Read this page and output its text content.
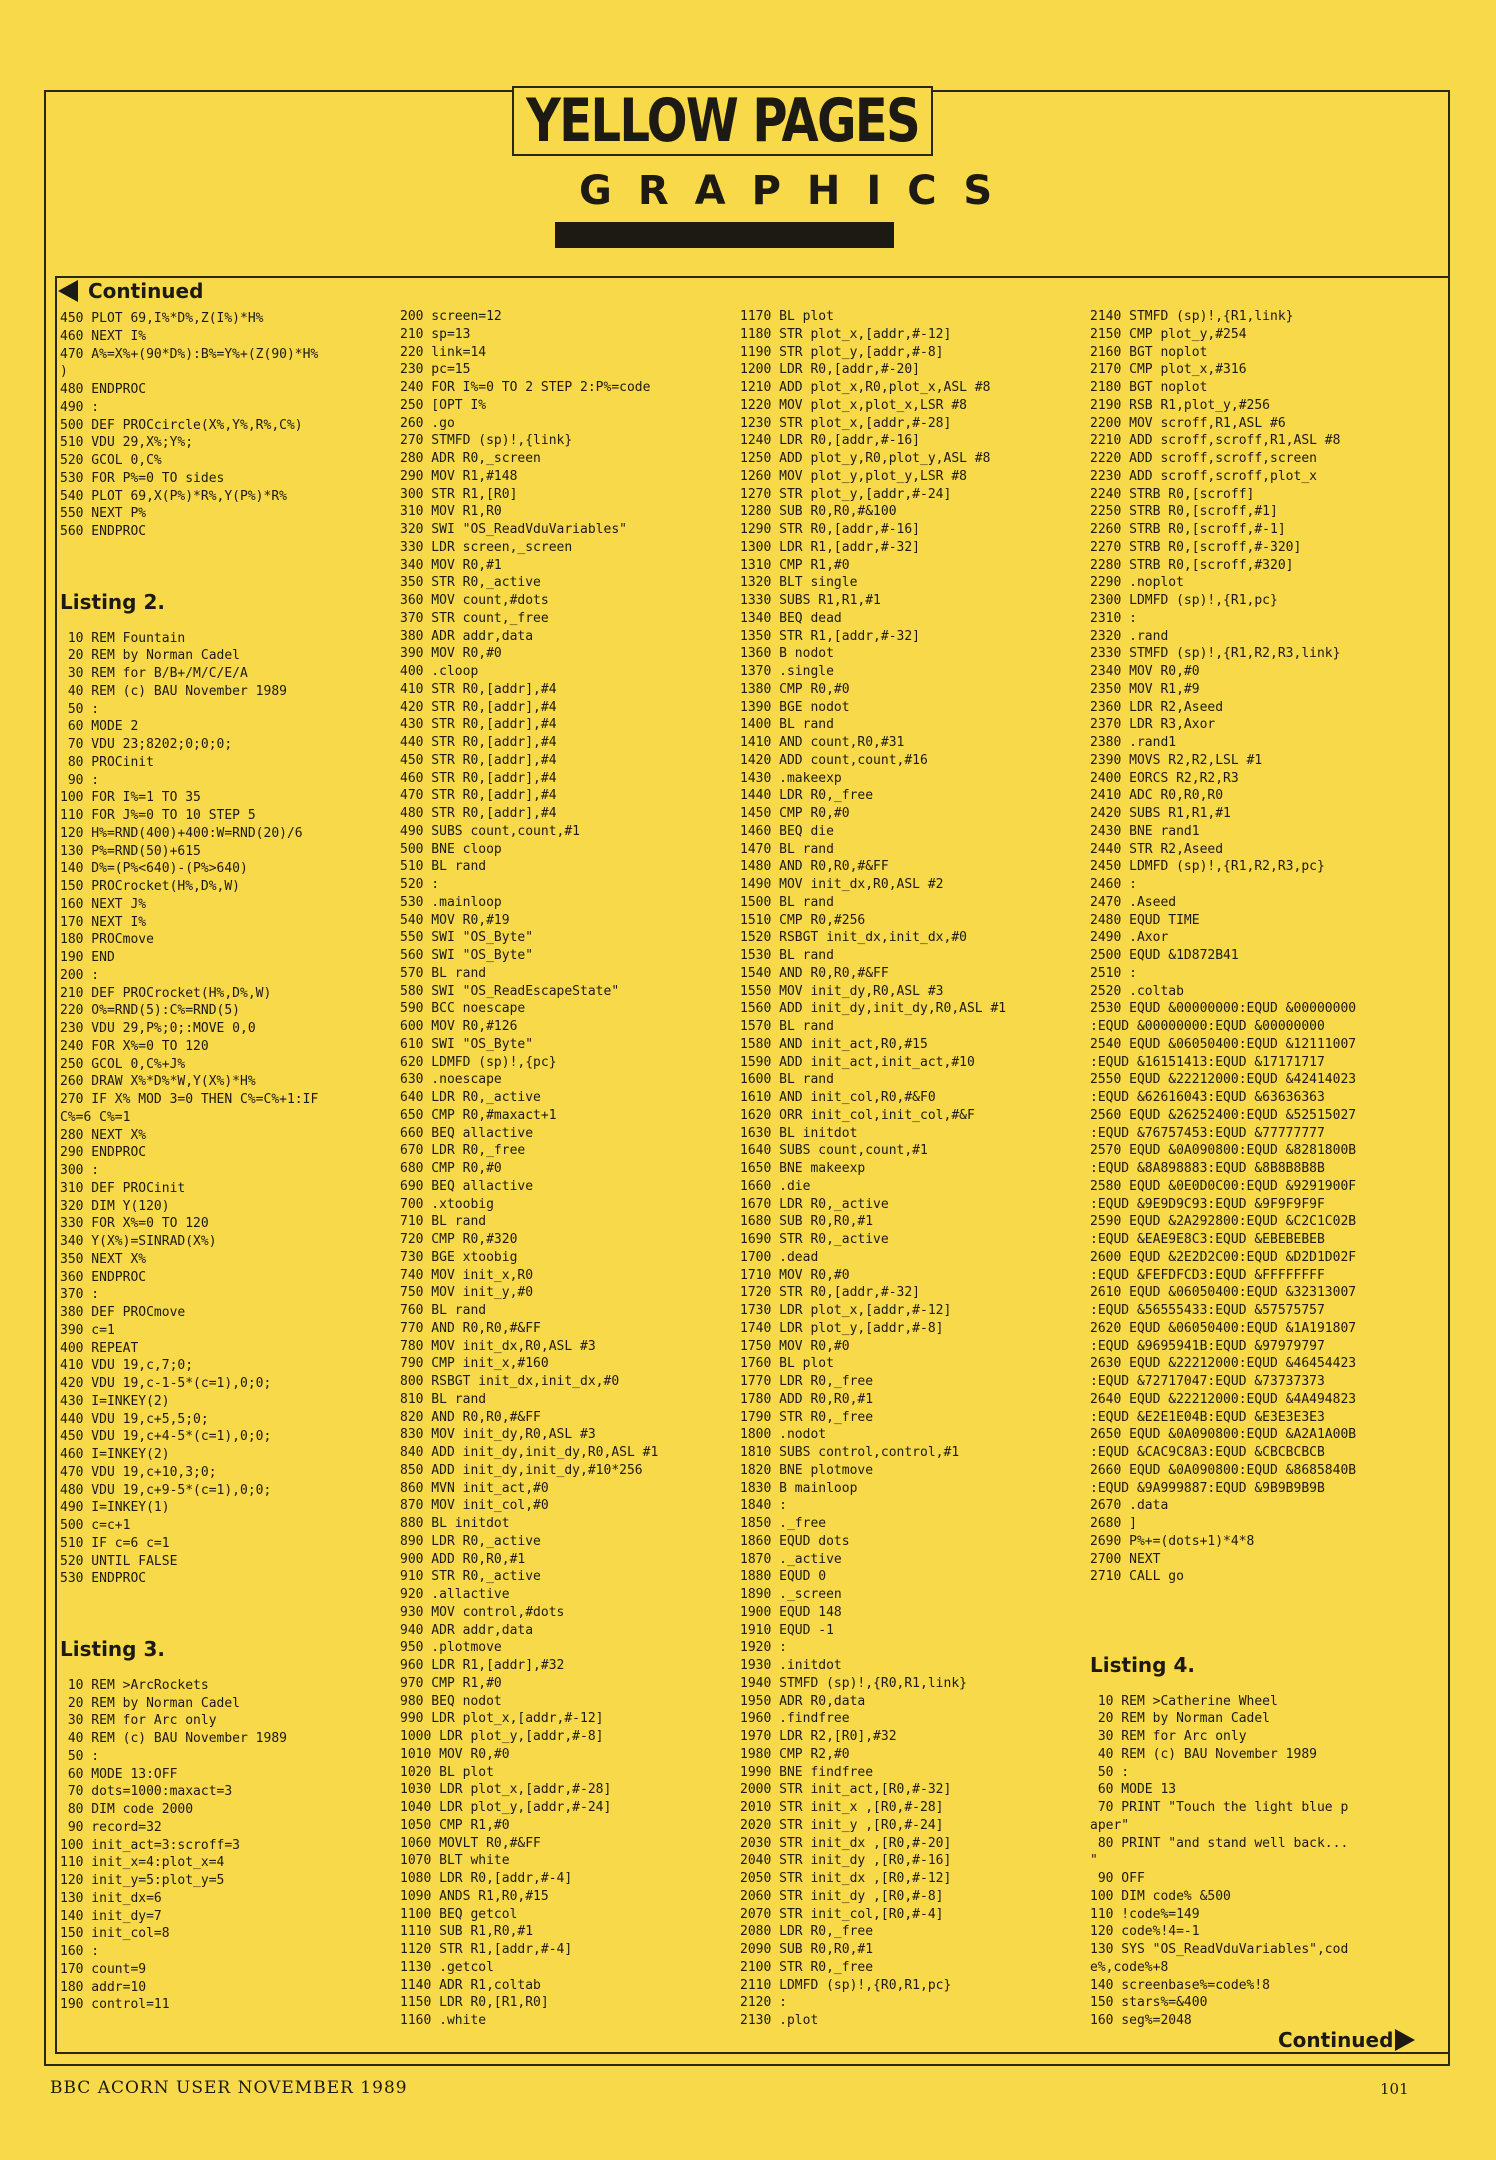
YELLOW PAGES
GRAPHICS
Continued
450 PLOT 69,I%*D%,Z(I%)*H%
460 NEXT I%
470 A%=X%+(90*D%):B%=Y%+(Z(90)*H%
)
480 ENDPROC
490 :
500 DEF PROCcircle(X%,Y%,R%,C%)
510 VDU 29,X%;Y%;
520 GCOL 0,C%
530 FOR P%=0 TO sides
540 PLOT 69,X(P%)*R%,Y(P%)*R%
550 NEXT P%
560 ENDPROC

Listing 2.

10 REM Fountain
20 REM by Norman Cadel
30 REM for B/B+/M/C/E/A
40 REM (c) BAU November 1989
50 :
60 MODE 2
70 VDU 23;8202;0;0;0;
80 PROCinit
90 :
100 FOR I%=1 TO 35
110 FOR J%=0 TO 10 STEP 5
120 H%=RND(400)+400:W=RND(20)/6
130 P%=RND(50)+615
140 D%=(P%<640)-(P%>640)
150 PROCrocket(H%,D%,W)
160 NEXT J%
170 NEXT I%
180 PROCmove
190 END
200 :
210 DEF PROCrocket(H%,D%,W)
220 O%=RND(5):C%=RND(5)
230 VDU 29,P%;0;:MOVE 0,0
240 FOR X%=0 TO 120
250 GCOL 0,C%+J%
260 DRAW X%*D%*W,Y(X%)*H%
270 IF X% MOD 3=0 THEN C%=C%+1:IF
C%=6 C%=1
280 NEXT X%
290 ENDPROC
300 :
310 DEF PROCinit
320 DIM Y(120)
330 FOR X%=0 TO 120
340 Y(X%)=SINRAD(X%)
350 NEXT X%
360 ENDPROC
370 :
380 DEF PROCmove
390 c=1
400 REPEAT
410 VDU 19,c,7;0;
420 VDU 19,c-1-5*(c=1),0;0;
430 I=INKEY(2)
440 VDU 19,c+5,5;0;
450 VDU 19,c+4-5*(c=1),0;0;
460 I=INKEY(2)
470 VDU 19,c+10,3;0;
480 VDU 19,c+9-5*(c=1),0;0;
490 I=INKEY(1)
500 c=c+1
510 IF c=6 c=1
520 UNTIL FALSE
530 ENDPROC

Listing 3.

10 REM >ArcRockets
20 REM by Norman Cadel
30 REM for Arc only
40 REM (c) BAU November 1989
50 :
60 MODE 13:OFF
70 dots=1000:maxact=3
80 DIM code 2000
90 record=32
100 init_act=3:scroff=3
110 init_x=4:plot_x=4
120 init_y=5:plot_y=5
130 init_dx=6
140 init_dy=7
150 init_col=8
160 :
170 count=9
180 addr=10
190 control=11
200 screen=12
210 sp=13
220 link=14
230 pc=15
240 FOR I%=0 TO 2 STEP 2:P%=code
250 [OPT I%
260 .go
270 STMFD (sp)!,{link}
280 ADR R0,_screen
290 MOV R1,#148
300 STR R1,[R0]
310 MOV R1,R0
320 SWI "OS_ReadVduVariables"
330 LDR screen,_screen
340 MOV R0,#1
350 STR R0,_active
360 MOV count,#dots
370 STR count,_free
380 ADR addr,data
390 MOV R0,#0
400 .cloop
410 STR R0,[addr],#4
420 STR R0,[addr],#4
430 STR R0,[addr],#4
440 STR R0,[addr],#4
450 STR R0,[addr],#4
460 STR R0,[addr],#4
470 STR R0,[addr],#4
480 STR R0,[addr],#4
490 SUBS count,count,#1
500 BNE cloop
510 BL rand
520 :
530 .mainloop
540 MOV R0,#19
550 SWI "OS_Byte"
560 SWI "OS_Byte"
570 BL rand
580 SWI "OS_ReadEscapeState"
590 BCC noescape
600 MOV R0,#126
610 SWI "OS_Byte"
620 LDMFD (sp)!,{pc}
630 .noescape
640 LDR R0,_active
650 CMP R0,#maxact+1
660 BEQ allactive
670 LDR R0,_free
680 CMP R0,#0
690 BEQ allactive
700 .xtoobig
710 BL rand
720 CMP R0,#320
730 BGE xtoobig
740 MOV init_x,R0
750 MOV init_y,#0
760 BL rand
770 AND R0,R0,#&FF
780 MOV init_dx,R0,ASL #3
790 CMP init_x,#160
800 RSBGT init_dx,init_dx,#0
810 BL rand
820 AND R0,R0,#&FF
830 MOV init_dy,R0,ASL #3
840 ADD init_dy,init_dy,R0,ASL #1
850 ADD init_dy,init_dy,#10*256
860 MVN init_act,#0
870 MOV init_col,#0
880 BL initdot
890 LDR R0,_active
900 ADD R0,R0,#1
910 STR R0,_active
920 .allactive
930 MOV control,#dots
940 ADR addr,data
950 .plotmove
960 LDR R1,[addr],#32
970 CMP R1,#0
980 BEQ nodot
990 LDR plot_x,[addr,#-12]
1000 LDR plot_y,[addr,#-8]
1010 MOV R0,#0
1020 BL plot
1030 LDR plot_x,[addr,#-28]
1040 LDR plot_y,[addr,#-24]
1050 CMP R1,#0
1060 MOVLT R0,#&FF
1070 BLT white
1080 LDR R0,[addr,#-4]
1090 ANDS R1,R0,#15
1100 BEQ getcol
1110 SUB R1,R0,#1
1120 STR R1,[addr,#-4]
1130 .getcol
1140 ADR R1,coltab
1150 LDR R0,[R1,R0]
1160 .white
1170 BL plot
1180 STR plot_x,[addr,#-12]
1190 STR plot_y,[addr,#-8]
1200 LDR R0,[addr,#-20]
1210 ADD plot_x,R0,plot_x,ASL #8
1220 MOV plot_x,plot_x,LSR #8
1230 STR plot_x,[addr,#-28]
1240 LDR R0,[addr,#-16]
1250 ADD plot_y,R0,plot_y,ASL #8
1260 MOV plot_y,plot_y,LSR #8
1270 STR plot_y,[addr,#-24]
1280 SUB R0,R0,#&100
1290 STR R0,[addr,#-16]
1300 LDR R1,[addr,#-32]
1310 CMP R1,#0
1320 BLT single
1330 SUBS R1,R1,#1
1340 BEQ dead
1350 STR R1,[addr,#-32]
1360 B nodot
1370 .single
1380 CMP R0,#0
1390 BGE nodot
1400 BL rand
1410 AND count,R0,#31
1420 ADD count,count,#16
1430 .makeexp
1440 LDR R0,_free
1450 CMP R0,#0
1460 BEQ die
1470 BL rand
1480 AND R0,R0,#&FF
1490 MOV init_dx,R0,ASL #2
1500 BL rand
1510 CMP R0,#256
1520 RSBGT init_dx,init_dx,#0
1530 BL rand
1540 AND R0,R0,#&FF
1550 MOV init_dy,R0,ASL #3
1560 ADD init_dy,init_dy,R0,ASL #1
1570 BL rand
1580 AND init_act,R0,#15
1590 ADD init_act,init_act,#10
1600 BL rand
1610 AND init_col,R0,#&F0
1620 ORR init_col,init_col,#&F
1630 BL initdot
1640 SUBS count,count,#1
1650 BNE makeexp
1660 .die
1670 LDR R0,_active
1680 SUB R0,R0,#1
1690 STR R0,_active
1700 .dead
1710 MOV R0,#0
1720 STR R0,[addr,#-32]
1730 LDR plot_x,[addr,#-12]
1740 LDR plot_y,[addr,#-8]
1750 MOV R0,#0
1760 BL plot
1770 LDR R0,_free
1780 ADD R0,R0,#1
1790 STR R0,_free
1800 .nodot
1810 SUBS control,control,#1
1820 BNE plotmove
1830 B mainloop
1840 :
1850 ._free
1860 EQUD dots
1870 ._active
1880 EQUD 0
1890 ._screen
1900 EQUD 148
1910 EQUD -1
1920 :
1930 .initdot
1940 STMFD (sp)!,{R0,R1,link}
1950 ADR R0,data
1960 .findfree
1970 LDR R2,[R0],#32
1980 CMP R2,#0
1990 BNE findfree
2000 STR init_act,[R0,#-32]
2010 STR init_x ,[R0,#-28]
2020 STR init_y ,[R0,#-24]
2030 STR init_dx ,[R0,#-20]
2040 STR init_dy ,[R0,#-16]
2050 STR init_dx ,[R0,#-12]
2060 STR init_dy ,[R0,#-8]
2070 STR init_col,[R0,#-4]
2080 LDR R0,_free
2090 SUB R0,R0,#1
2100 STR R0,_free
2110 LDMFD (sp)!,{R0,R1,pc}
2120 :
2130 .plot
2140 STMFD (sp)!,{R1,link}
2150 CMP plot_y,#254
2160 BGT noplot
2170 CMP plot_x,#316
2180 BGT noplot
2190 RSB R1,plot_y,#256
2200 MOV scroff,R1,ASL #6
2210 ADD scroff,scroff,R1,ASL #8
2220 ADD scroff,scroff,screen
2230 ADD scroff,scroff,plot_x
2240 STRB R0,[scroff]
2250 STRB R0,[scroff,#1]
2260 STRB R0,[scroff,#-1]
2270 STRB R0,[scroff,#-320]
2280 STRB R0,[scroff,#320]
2290 .noplot
2300 LDMFD (sp)!,{R1,pc}
2310 :
2320 .rand
2330 STMFD (sp)!,{R1,R2,R3,link}
2340 MOV R0,#0
2350 MOV R1,#9
2360 LDR R2,Aseed
2370 LDR R3,Axor
2380 .rand1
2390 MOVS R2,R2,LSL #1
2400 EORCS R2,R2,R3
2410 ADC R0,R0,R0
2420 SUBS R1,R1,#1
2430 BNE rand1
2440 STR R2,Aseed
2450 LDMFD (sp)!,{R1,R2,R3,pc}
2460 :
2470 .Aseed
2480 EQUD TIME
2490 .Axor
2500 EQUD &1D872B41
2510 :
2520 .coltab
2530 EQUD &00000000:EQUD &00000000
:EQUD &00000000:EQUD &00000000
2540 EQUD &06050400:EQUD &12111007
:EQUD &16151413:EQUD &17171717
2550 EQUD &22212000:EQUD &42414023
:EQUD &62616043:EQUD &63636363
2560 EQUD &26252400:EQUD &52515027
:EQUD &76757453:EQUD &77777777
2570 EQUD &0A090800:EQUD &8281800B
:EQUD &8A898883:EQUD &8B8B8B8B
2580 EQUD &0E0D0C00:EQUD &9291900F
:EQUD &9E9D9C93:EQUD &9F9F9F9F
2590 EQUD &2A292800:EQUD &C2C1C02B
:EQUD &EAE9E8C3:EQUD &EBEBEBEB
2600 EQUD &2E2D2C00:EQUD &D2D1D02F
:EQUD &FEFDFCD3:EQUD &FFFFFFFF
2610 EQUD &06050400:EQUD &32313007
:EQUD &56555433:EQUD &57575757
2620 EQUD &06050400:EQUD &1A191807
:EQUD &9695941B:EQUD &97979797
2630 EQUD &22212000:EQUD &46454423
:EQUD &72717047:EQUD &73737373
2640 EQUD &22212000:EQUD &4A494823
:EQUD &E2E1E04B:EQUD &E3E3E3E3
2650 EQUD &0A090800:EQUD &A2A1A00B
:EQUD &CAC9C8A3:EQUD &CBCBCBCB
2660 EQUD &0A090800:EQUD &8685840B
:EQUD &9A999887:EQUD &9B9B9B9B
2670 .data
2680 ]
2690 P%+=(dots+1)*4*8
2700 NEXT
2710 CALL go

Listing 4.

10 REM >Catherine Wheel
20 REM by Norman Cadel
30 REM for Arc only
40 REM (c) BAU November 1989
50 :
60 MODE 13
70 PRINT "Touch the light blue p
aper"
80 PRINT "and stand well back...
"
90 OFF
100 DIM code% &500
110 !code%=149
120 code%!4=-1
130 SYS "OS_ReadVduVariables",cod
e%,code%+8
140 screenbase%=code%!8
150 stars%=&400
160 seg%=2048
Continued
BBC ACORN USER NOVEMBER 1989	101
